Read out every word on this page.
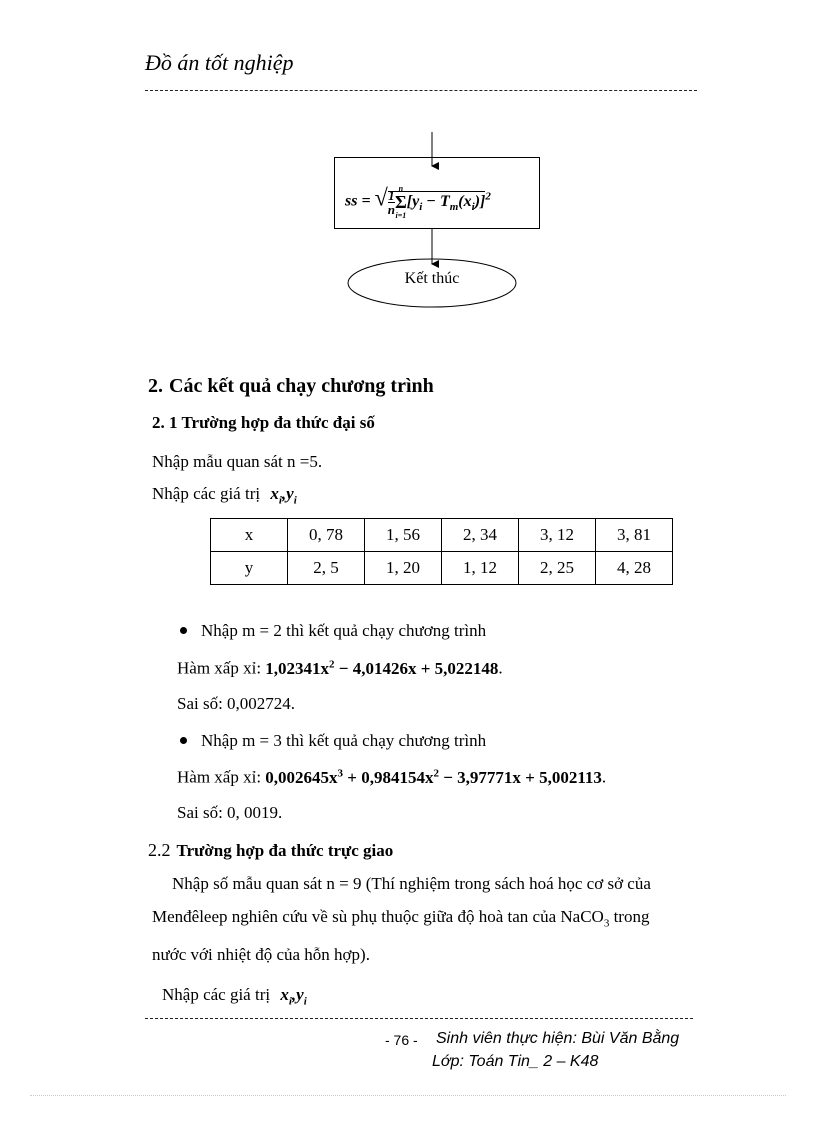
Đồ án tốt nghiệp
ss = √ $\frac{1}{n}$ n
Σ
i=1
$[y_i - T_m(x_i)]^2$
Kết thúc
2. Các kết quả chạy chương trình
2. 1 Trường hợp đa thức đại số
Nhập mẫu quan sát n =5.
Nhập các giá trị $x_i,y_i$
x	0, 78	1, 56	2, 34	3, 12	3, 81
y	2, 5	1, 20	1, 12	2, 25	4, 28
Nhập m = 2 thì kết quả chạy chương trình
Hàm xấp xỉ: $1,02341x^2 - 4,01426x + 5,022148$.
Sai số: 0,002724.
Nhập m = 3 thì kết quả chạy chương trình
Hàm xấp xỉ: $0,002645x^3 + 0,984154x^2 - 3,97771x + 5,002113$.
Sai số: 0, 0019.
2.2 Trường hợp đa thức trực giao
Nhập số mẫu quan sát n = 9 (Thí nghiệm trong sách hoá học cơ sở của
Menđêleep nghiên cứu về sù phụ thuộc giữa độ hoà tan của NaCO$_3$ trong
nước với nhiệt độ của hỗn hợp).
Nhập các giá trị $x_i,y_i$
- 76 - Sinh viên thực hiện: Bùi Văn Bằng
Lớp: Toán Tin_ 2 – K48
